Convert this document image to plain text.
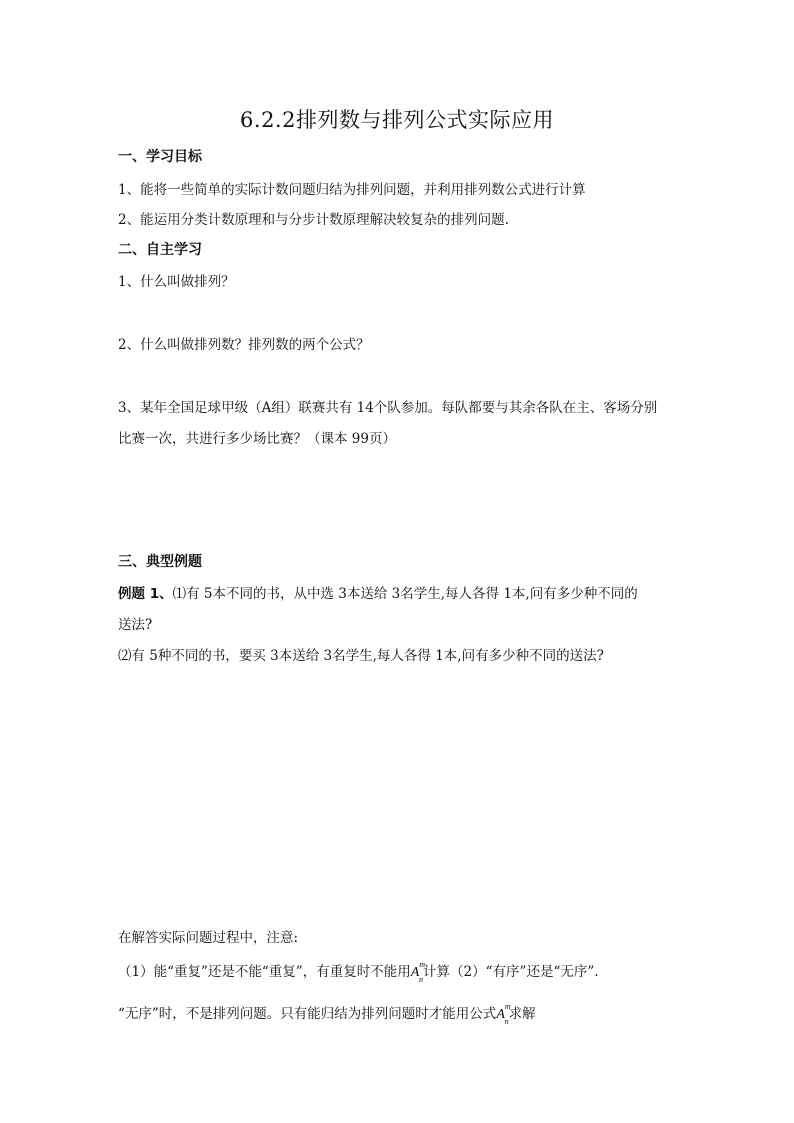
6.2.2排列数与排列公式实际应用
一、学习目标
1、能将一些简单的实际计数问题归结为排列问题，并利用排列数公式进行计算
2、能运用分类计数原理和与分步计数原理解决较复杂的排列问题.
二、自主学习
1、什么叫做排列？
2、什么叫做排列数？排列数的两个公式？
3、某年全国足球甲级（A组）联赛共有 14个队参加。每队都要与其余各队在主、客场分别
比赛一次，共进行多少场比赛？（课本 99页）
三、典型例题
例题 1、⑴有 5本不同的书，从中选 3本送给 3名学生,每人各得 1本,问有多少种不同的
送法?
⑵有 5种不同的书，要买 3本送给 3名学生,每人各得 1本,问有多少种不同的送法?
在解答实际问题过程中，注意:
（1）能“重复”还是不能“重复”，有重复时不能用$A^m_n$计算（2）“有序”还是“无序”.
“无序”时，不是排列问题。只有能归结为排列问题时才能用公式$A^m_n$求解
